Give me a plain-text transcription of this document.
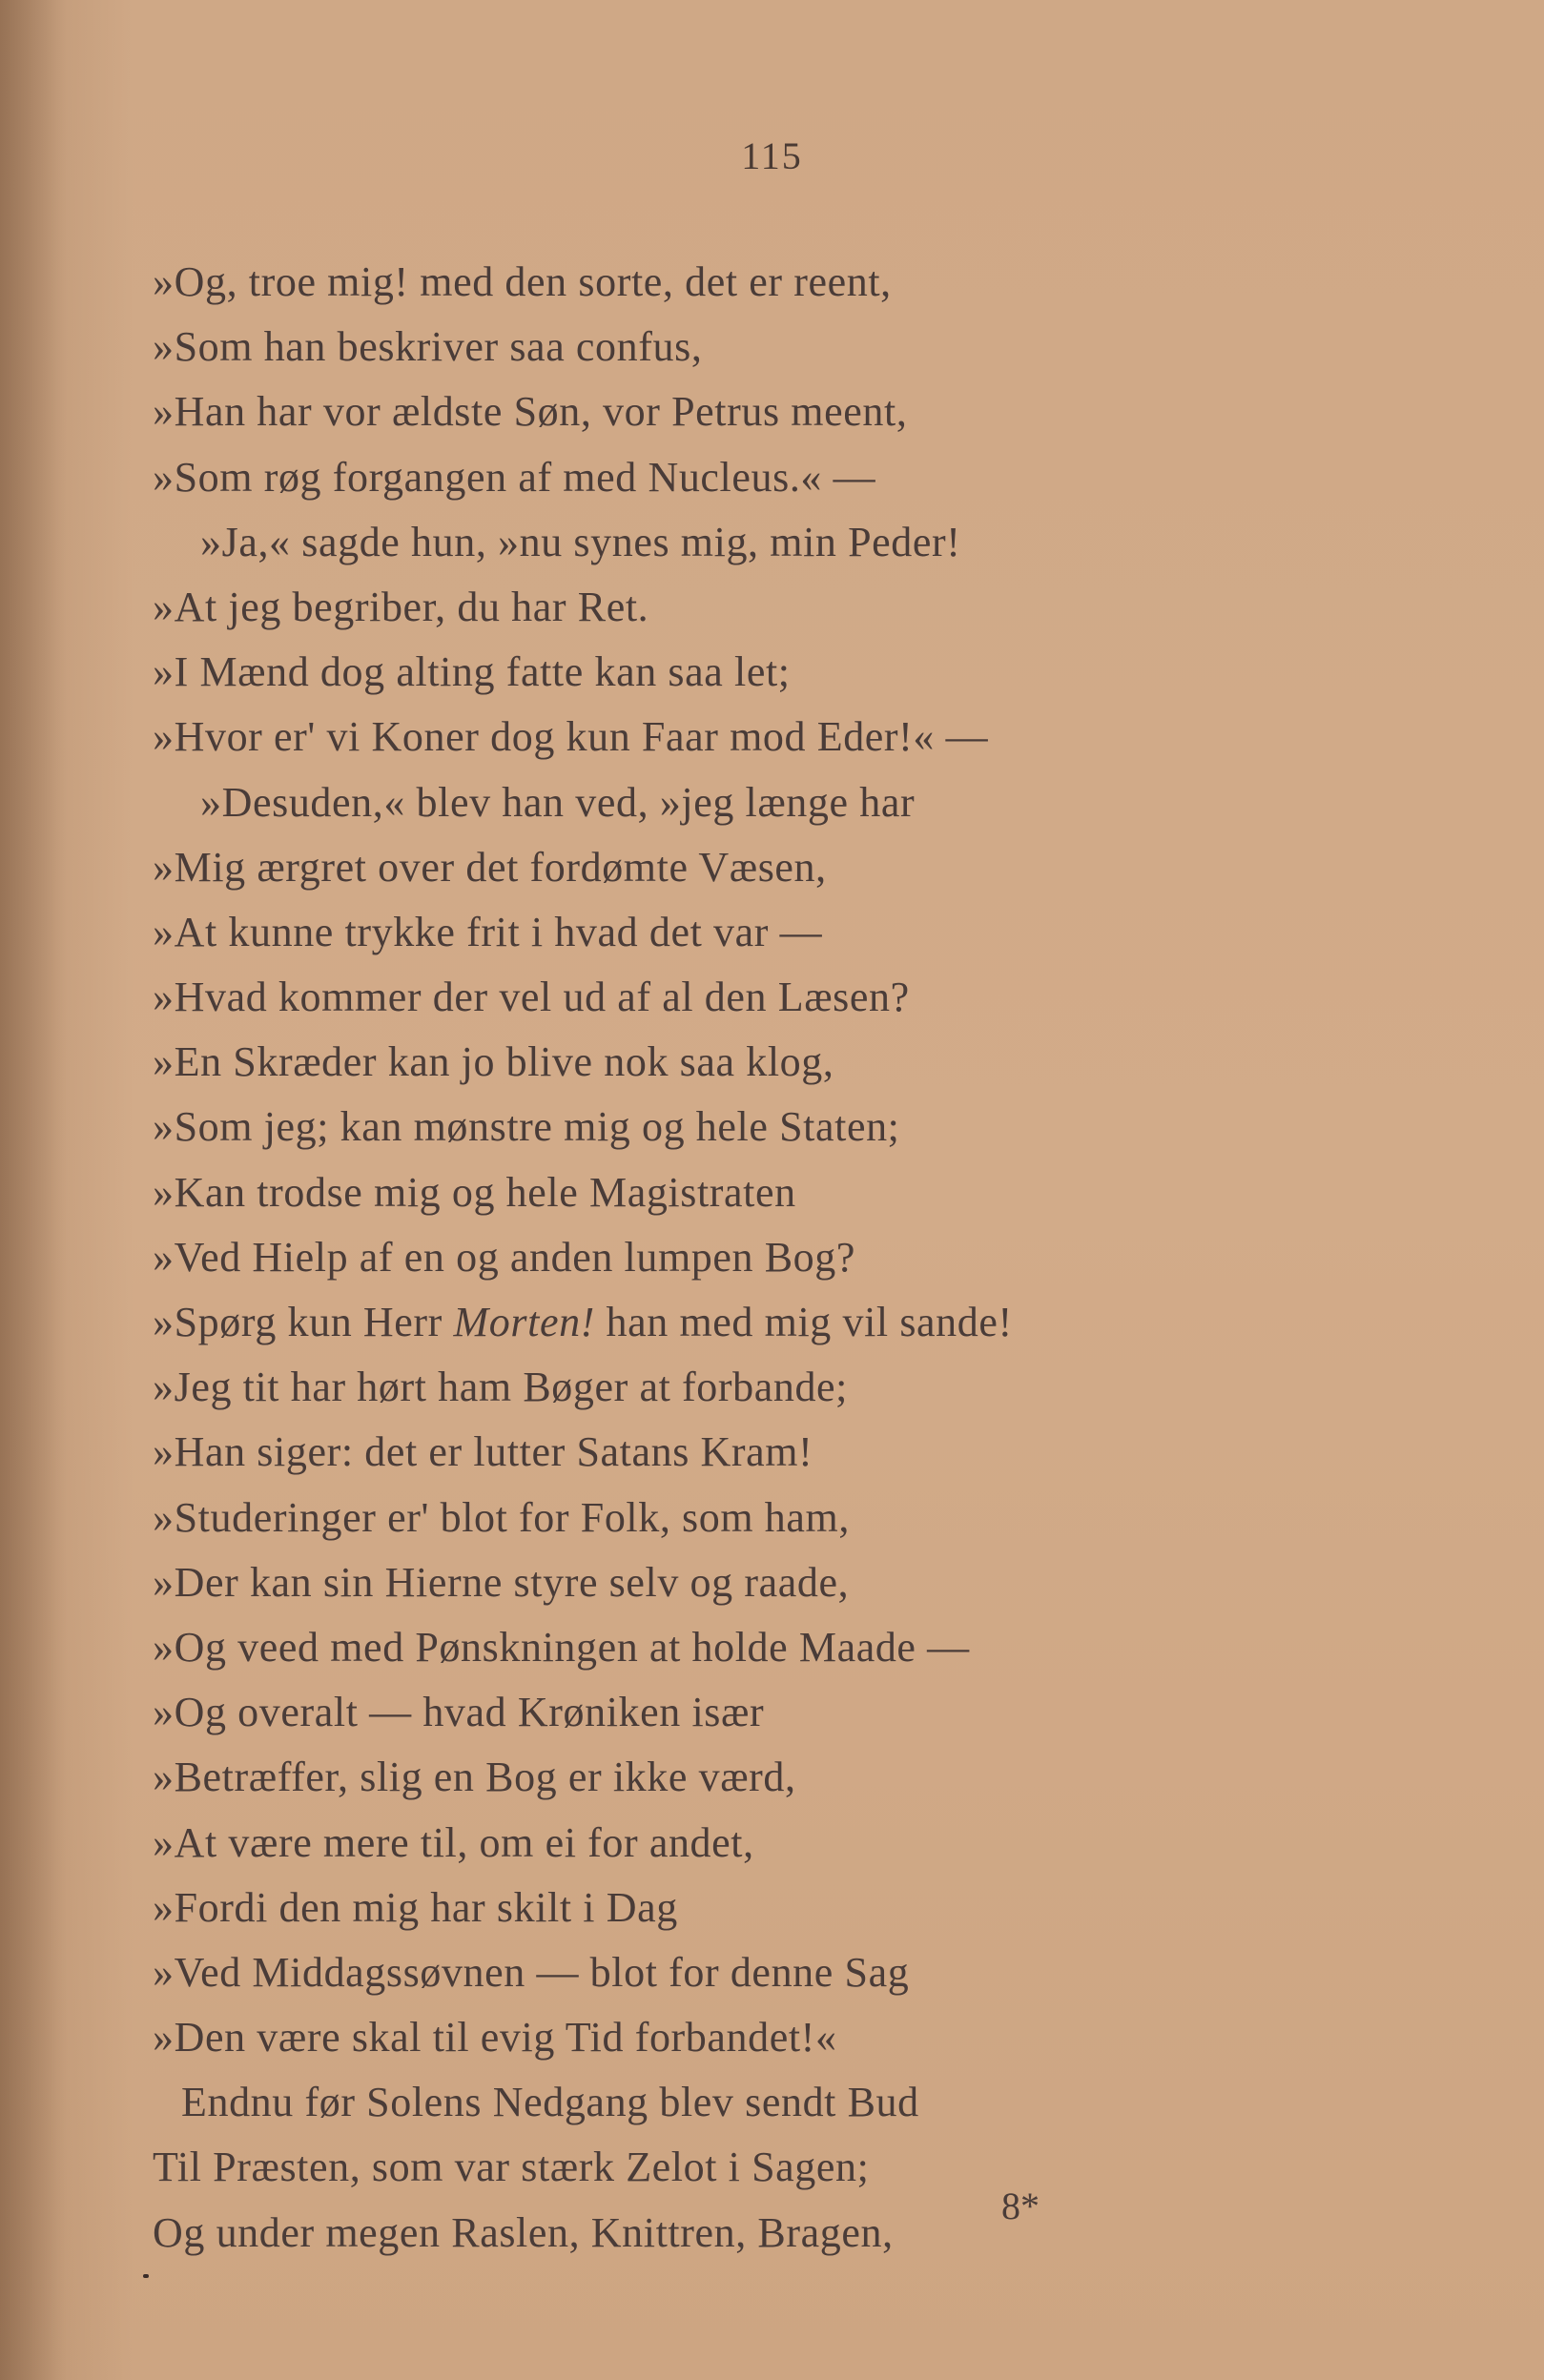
115
»Og, troe mig! med den sorte, det er reent,
»Som han beskriver saa confus,
»Han har vor ældste Søn, vor Petrus meent,
»Som røg forgangen af med Nucleus.« —
»Ja,« sagde hun, »nu synes mig, min Peder!
»At jeg begriber, du har Ret.
»I Mænd dog alting fatte kan saa let;
»Hvor er' vi Koner dog kun Faar mod Eder!« —
»Desuden,« blev han ved, »jeg længe har
»Mig ærgret over det fordømte Væsen,
»At kunne trykke frit i hvad det var —
»Hvad kommer der vel ud af al den Læsen?
»En Skræder kan jo blive nok saa klog,
»Som jeg; kan mønstre mig og hele Staten;
»Kan trodse mig og hele Magistraten
»Ved Hielp af en og anden lumpen Bog?
»Spørg kun Herr Morten! han med mig vil sande!
»Jeg tit har hørt ham Bøger at forbande;
»Han siger: det er lutter Satans Kram!
»Studeringer er' blot for Folk, som ham,
»Der kan sin Hierne styre selv og raade,
»Og veed med Pønskningen at holde Maade —
»Og overalt — hvad Krøniken især
»Betræffer, slig en Bog er ikke værd,
»At være mere til, om ei for andet,
»Fordi den mig har skilt i Dag
»Ved Middagssøvnen — blot for denne Sag
»Den være skal til evig Tid forbandet!«
Endnu før Solens Nedgang blev sendt Bud
Til Præsten, som var stærk Zelot i Sagen;
Og under megen Raslen, Knittren, Bragen,
8*
